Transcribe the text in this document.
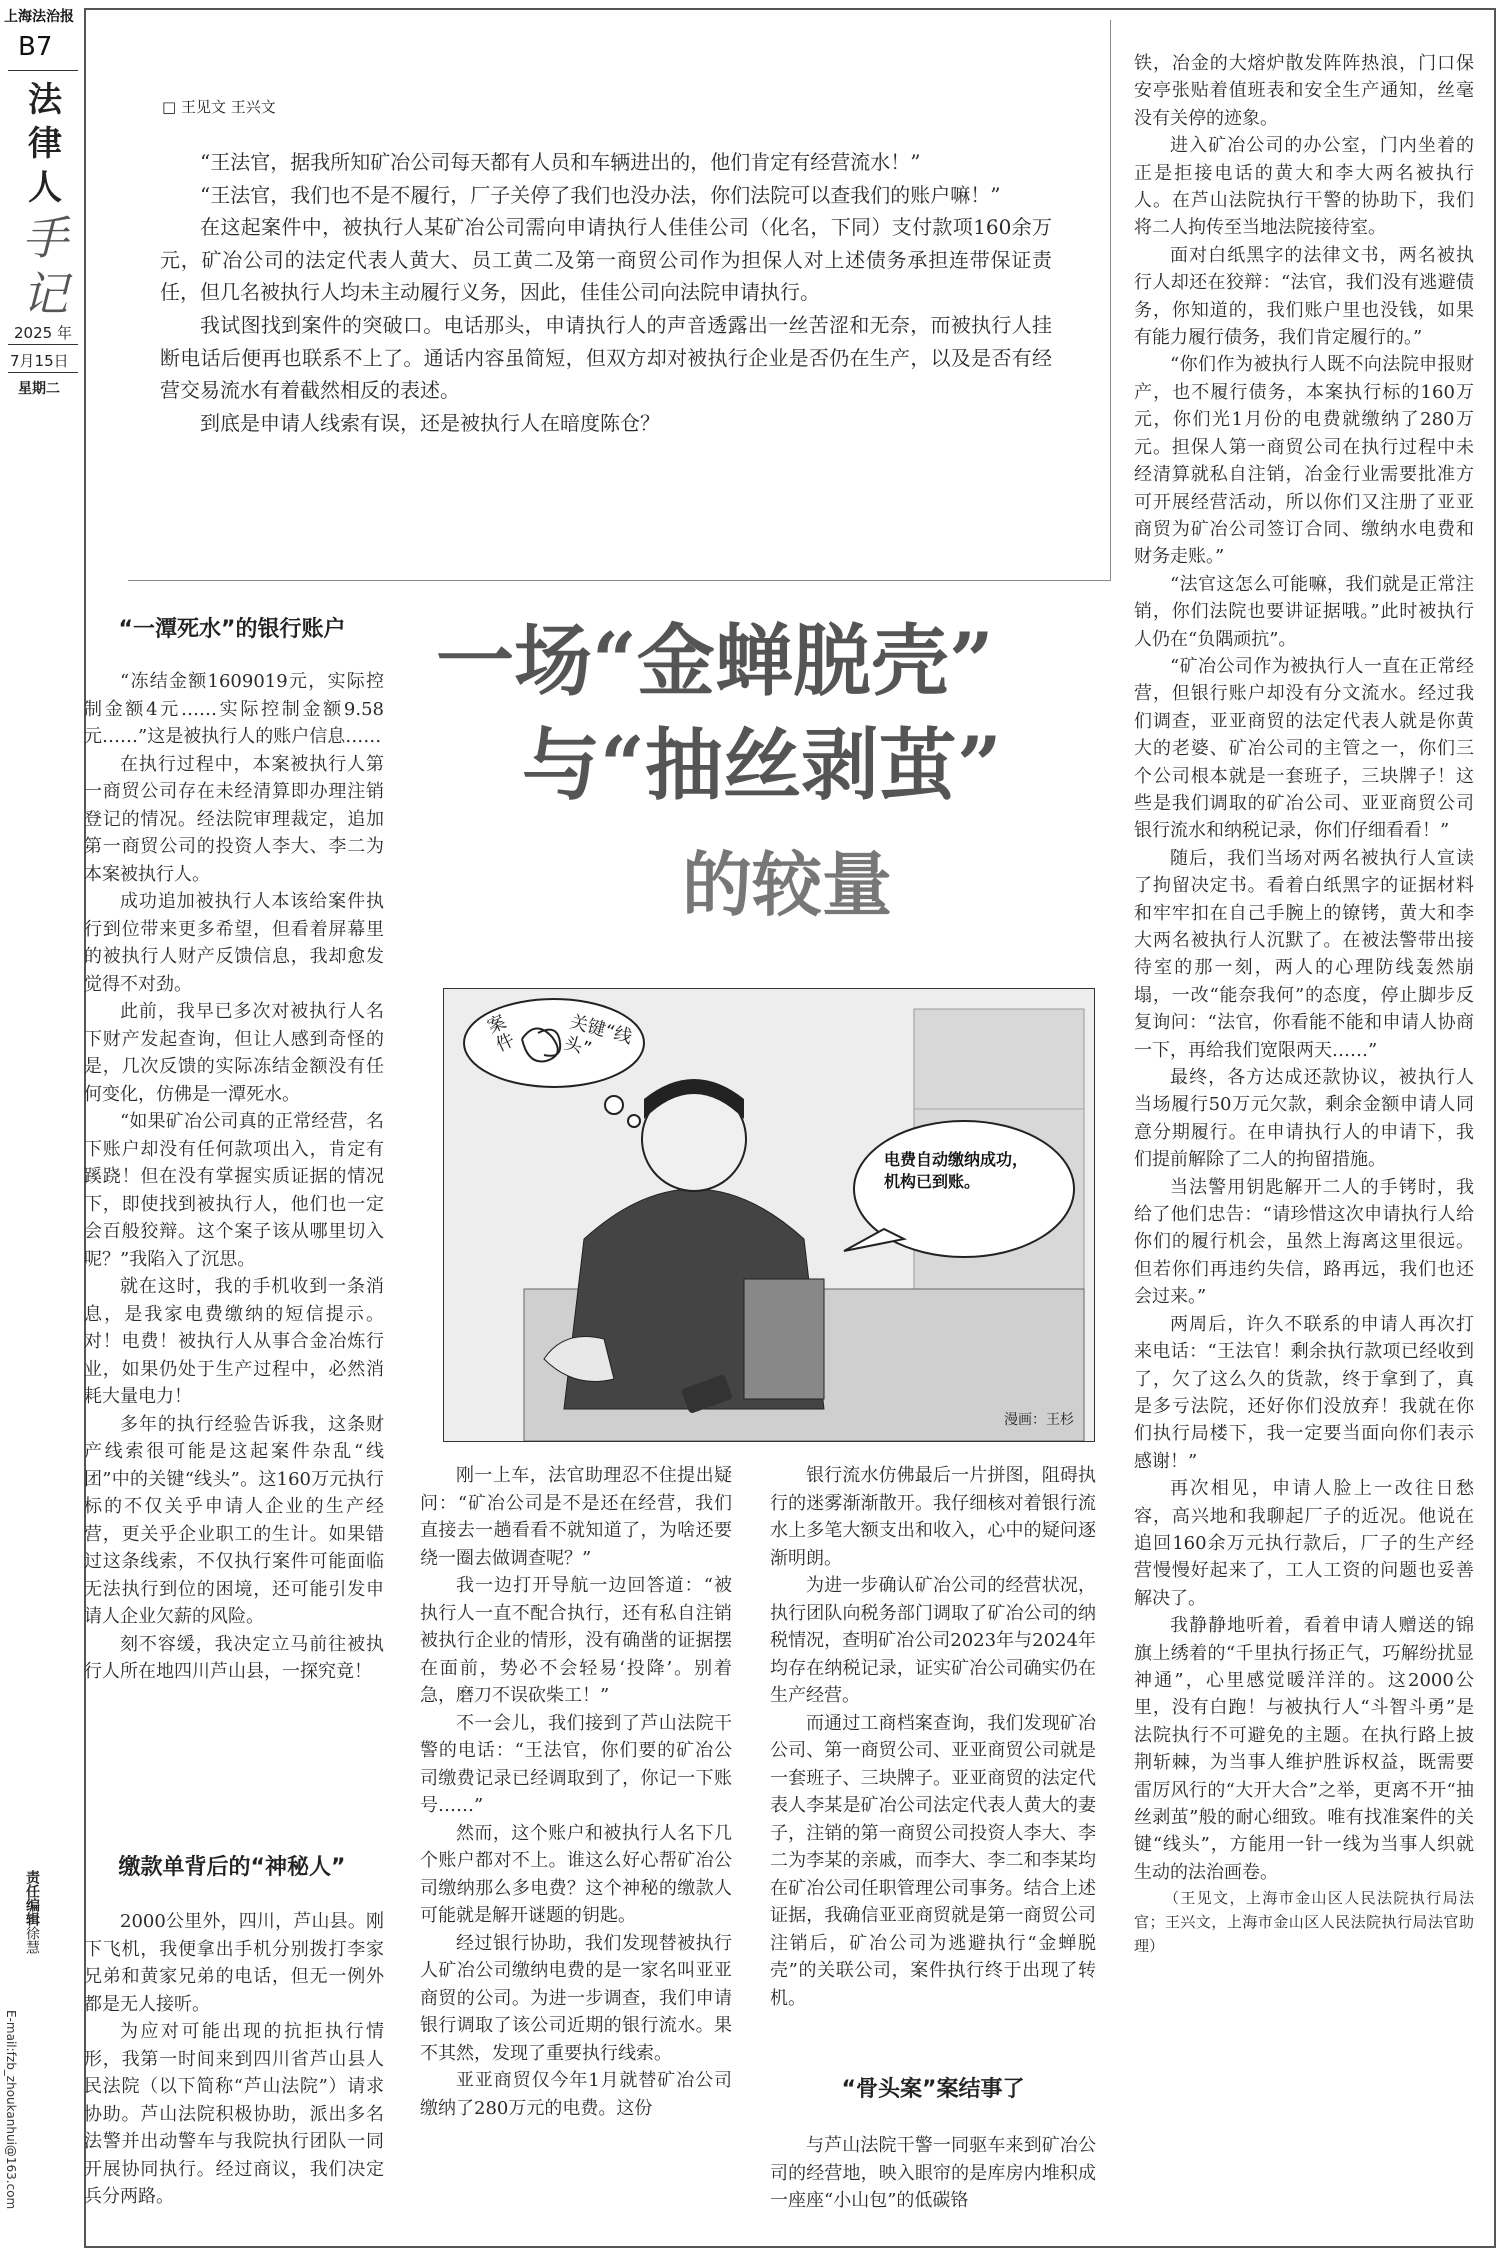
上海法治报
B7
法
律
人
手
记
2025 年
7月15日
星期二
责任编辑徐慧
E-mail:fzb_zhoukanhui@163.com
□ 王见文 王兴文

“王法官，据我所知矿冶公司每天都有人员和车辆进出的，他们肯定有经营流水！”

“王法官，我们也不是不履行，厂子关停了我们也没办法，你们法院可以查我们的账户嘛！”

在这起案件中，被执行人某矿冶公司需向申请执行人佳佳公司（化名，下同）支付款项160余万元，矿冶公司的法定代表人黄大、员工黄二及第一商贸公司作为担保人对上述债务承担连带保证责任，但几名被执行人均未主动履行义务，因此，佳佳公司向法院申请执行。

我试图找到案件的突破口。电话那头，申请执行人的声音透露出一丝苦涩和无奈，而被执行人挂断电话后便再也联系不上了。通话内容虽简短，但双方却对被执行企业是否仍在生产，以及是否有经营交易流水有着截然相反的表述。

到底是申请人线索有误，还是被执行人在暗度陈仓？

“一潭死水”的银行账户

“冻结金额1609019元，实际控制金额4元……实际控制金额9.58元……”这是被执行人的账户信息……

在执行过程中，本案被执行人第一商贸公司存在未经清算即办理注销登记的情况。经法院审理裁定，追加第一商贸公司的投资人李大、李二为本案被执行人。

成功追加被执行人本该给案件执行到位带来更多希望，但看着屏幕里的被执行人财产反馈信息，我却愈发觉得不对劲。

此前，我早已多次对被执行人名下财产发起查询，但让人感到奇怪的是，几次反馈的实际冻结金额没有任何变化，仿佛是一潭死水。

“如果矿冶公司真的正常经营，名下账户却没有任何款项出入，肯定有蹊跷！但在没有掌握实质证据的情况下，即使找到被执行人，他们也一定会百般狡辩。这个案子该从哪里切入呢？”我陷入了沉思。

就在这时，我的手机收到一条消息，是我家电费缴纳的短信提示。对！电费！被执行人从事合金冶炼行业，如果仍处于生产过程中，必然消耗大量电力！

多年的执行经验告诉我，这条财产线索很可能是这起案件杂乱“线团”中的关键“线头”。这160万元执行标的不仅关乎申请人企业的生产经营，更关乎企业职工的生计。如果错过这条线索，不仅执行案件可能面临无法执行到位的困境，还可能引发申请人企业欠薪的风险。

刻不容缓，我决定立马前往被执行人所在地四川芦山县，一探究竟！

缴款单背后的“神秘人”

2000公里外，四川，芦山县。刚下飞机，我便拿出手机分别拨打李家兄弟和黄家兄弟的电话，但无一例外都是无人接听。

为应对可能出现的抗拒执行情形，我第一时间来到四川省芦山县人民法院（以下简称“芦山法院”）请求协助。芦山法院积极协助，派出多名法警并出动警车与我院执行团队一同开展协同执行。经过商议，我们决定兵分两路。

一场“金蝉脱壳”
与“抽丝剥茧”
的较量
案件	关键“线头”
电费自动缴纳成功，机构已到账。
漫画：王杉

刚一上车，法官助理忍不住提出疑问：“矿冶公司是不是还在经营，我们直接去一趟看看不就知道了，为啥还要绕一圈去做调查呢？”

我一边打开导航一边回答道：“被执行人一直不配合执行，还有私自注销被执行企业的情形，没有确凿的证据摆在面前，势必不会轻易‘投降’。别着急，磨刀不误砍柴工！”

不一会儿，我们接到了芦山法院干警的电话：“王法官，你们要的矿冶公司缴费记录已经调取到了，你记一下账号……”

然而，这个账户和被执行人名下几个账户都对不上。谁这么好心帮矿冶公司缴纳那么多电费？这个神秘的缴款人可能就是解开谜题的钥匙。

经过银行协助，我们发现替被执行人矿冶公司缴纳电费的是一家名叫亚亚商贸的公司。为进一步调查，我们申请银行调取了该公司近期的银行流水。果不其然，发现了重要执行线索。

亚亚商贸仅今年1月就替矿冶公司缴纳了280万元的电费。这份

银行流水仿佛最后一片拼图，阻碍执行的迷雾渐渐散开。我仔细核对着银行流水上多笔大额支出和收入，心中的疑问逐渐明朗。

为进一步确认矿冶公司的经营状况，执行团队向税务部门调取了矿冶公司的纳税情况，查明矿冶公司2023年与2024年均存在纳税记录，证实矿冶公司确实仍在生产经营。

而通过工商档案查询，我们发现矿冶公司、第一商贸公司、亚亚商贸公司就是一套班子、三块牌子。亚亚商贸的法定代表人李某是矿冶公司法定代表人黄大的妻子，注销的第一商贸公司投资人李大、李二为李某的亲戚，而李大、李二和李某均在矿冶公司任职管理公司事务。结合上述证据，我确信亚亚商贸就是第一商贸公司注销后，矿冶公司为逃避执行“金蝉脱壳”的关联公司，案件执行终于出现了转机。

“骨头案”案结事了

与芦山法院干警一同驱车来到矿冶公司的经营地，映入眼帘的是库房内堆积成一座座“小山包”的低碳铬

铁，冶金的大熔炉散发阵阵热浪，门口保安亭张贴着值班表和安全生产通知，丝毫没有关停的迹象。

进入矿冶公司的办公室，门内坐着的正是拒接电话的黄大和李大两名被执行人。在芦山法院执行干警的协助下，我们将二人拘传至当地法院接待室。

面对白纸黑字的法律文书，两名被执行人却还在狡辩：“法官，我们没有逃避债务，你知道的，我们账户里也没钱，如果有能力履行债务，我们肯定履行的。”

“你们作为被执行人既不向法院申报财产，也不履行债务，本案执行标的160万元，你们光1月份的电费就缴纳了280万元。担保人第一商贸公司在执行过程中未经清算就私自注销，冶金行业需要批准方可开展经营活动，所以你们又注册了亚亚商贸为矿冶公司签订合同、缴纳水电费和财务走账。”

“法官这怎么可能嘛，我们就是正常注销，你们法院也要讲证据哦。”此时被执行人仍在“负隅顽抗”。

“矿冶公司作为被执行人一直在正常经营，但银行账户却没有分文流水。经过我们调查，亚亚商贸的法定代表人就是你黄大的老婆、矿冶公司的主管之一，你们三个公司根本就是一套班子，三块牌子！这些是我们调取的矿冶公司、亚亚商贸公司银行流水和纳税记录，你们仔细看看！”

随后，我们当场对两名被执行人宣读了拘留决定书。看着白纸黑字的证据材料和牢牢扣在自己手腕上的镣铐，黄大和李大两名被执行人沉默了。在被法警带出接待室的那一刻，两人的心理防线轰然崩塌，一改“能奈我何”的态度，停止脚步反复询问：“法官，你看能不能和申请人协商一下，再给我们宽限两天……”

最终，各方达成还款协议，被执行人当场履行50万元欠款，剩余金额申请人同意分期履行。在申请执行人的申请下，我们提前解除了二人的拘留措施。

当法警用钥匙解开二人的手铐时，我给了他们忠告：“请珍惜这次申请执行人给你们的履行机会，虽然上海离这里很远。但若你们再违约失信，路再远，我们也还会过来。”

两周后，许久不联系的申请人再次打来电话：“王法官！剩余执行款项已经收到了，欠了这么久的货款，终于拿到了，真是多亏法院，还好你们没放弃！我就在你们执行局楼下，我一定要当面向你们表示感谢！”

再次相见，申请人脸上一改往日愁容，高兴地和我聊起厂子的近况。他说在追回160余万元执行款后，厂子的生产经营慢慢好起来了，工人工资的问题也妥善解决了。

我静静地听着，看着申请人赠送的锦旗上绣着的“千里执行扬正气，巧解纷扰显神通”，心里感觉暖洋洋的。这2000公里，没有白跑！与被执行人“斗智斗勇”是法院执行不可避免的主题。在执行路上披荆斩棘，为当事人维护胜诉权益，既需要雷厉风行的“大开大合”之举，更离不开“抽丝剥茧”般的耐心细致。唯有找准案件的关键“线头”，方能用一针一线为当事人织就生动的法治画卷。

（王见文，上海市金山区人民法院执行局法官；王兴文，上海市金山区人民法院执行局法官助理）
